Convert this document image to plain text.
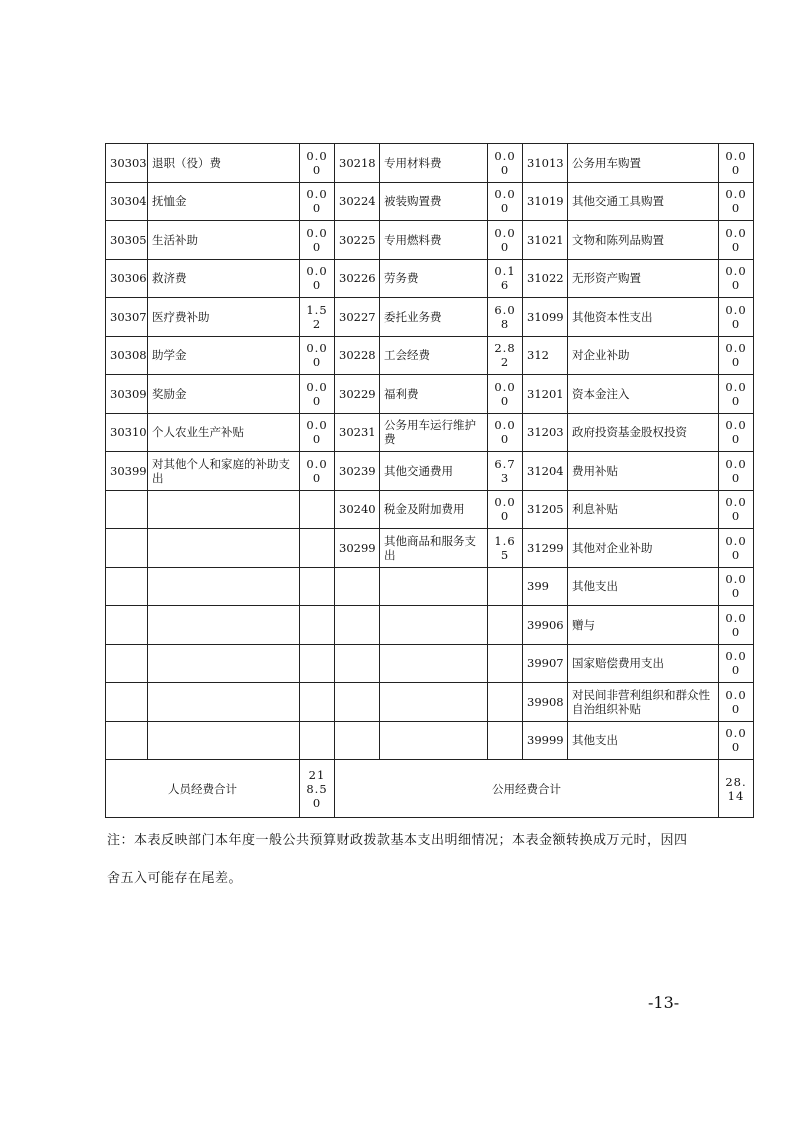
30303	退职（役）费	0.00	30218	专用材料费	0.00	31013	公务用车购置	0.00
30304	抚恤金	0.00	30224	被装购置费	0.00	31019	其他交通工具购置	0.00
30305	生活补助	0.00	30225	专用燃料费	0.00	31021	文物和陈列品购置	0.00
30306	救济费	0.00	30226	劳务费	0.16	31022	无形资产购置	0.00
30307	医疗费补助	1.52	30227	委托业务费	6.08	31099	其他资本性支出	0.00
30308	助学金	0.00	30228	工会经费	2.82	312	对企业补助	0.00
30309	奖励金	0.00	30229	福利费	0.00	31201	资本金注入	0.00
30310	个人农业生产补贴	0.00	30231	公务用车运行维护费	0.00	31203	政府投资基金股权投资	0.00
30399	对其他个人和家庭的补助支出	0.00	30239	其他交通费用	6.73	31204	费用补贴	0.00
			30240	税金及附加费用	0.00	31205	利息补贴	0.00
			30299	其他商品和服务支出	1.65	31299	其他对企业补助	0.00
						399	其他支出	0.00
						39906	赠与	0.00
						39907	国家赔偿费用支出	0.00
						39908	对民间非营利组织和群众性自治组织补贴	0.00
						39999	其他支出	0.00
人员经费合计		218.50	公用经费合计					28.14
注：本表反映部门本年度一般公共预算财政拨款基本支出明细情况；本表金额转换成万元时，因四
舍五入可能存在尾差。
-13-
